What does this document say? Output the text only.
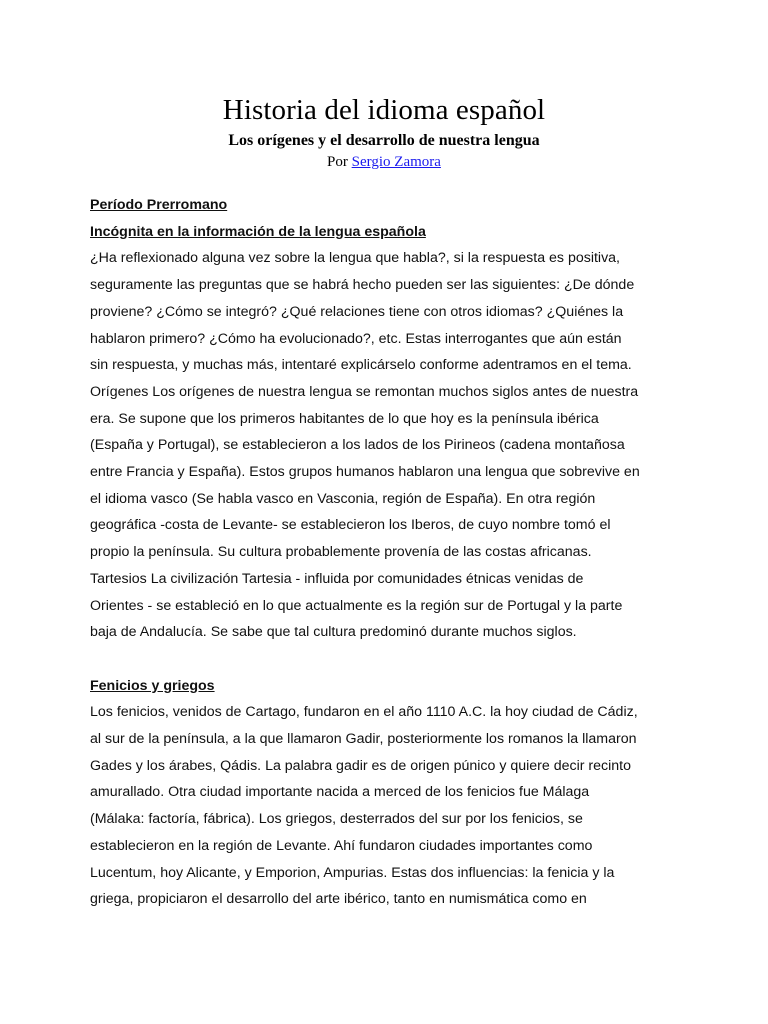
Historia del idioma español
Los orígenes y el desarrollo de nuestra lengua
Por Sergio Zamora
Período Prerromano
Incógnita en la información de la lengua española
¿Ha reflexionado alguna vez sobre la lengua que habla?, si la respuesta es positiva,
seguramente las preguntas que se habrá hecho pueden ser las siguientes: ¿De dónde
proviene? ¿Cómo se integró? ¿Qué relaciones tiene con otros idiomas? ¿Quiénes la
hablaron primero? ¿Cómo ha evolucionado?, etc. Estas interrogantes que aún están
sin respuesta, y muchas más, intentaré explicárselo conforme adentramos en el tema.
Orígenes Los orígenes de nuestra lengua se remontan muchos siglos antes de nuestra
era. Se supone que los primeros habitantes de lo que hoy es la península ibérica
(España y Portugal), se establecieron a los lados de los Pirineos (cadena montañosa
entre Francia y España). Estos grupos humanos hablaron una lengua que sobrevive en
el idioma vasco (Se habla vasco en Vasconia, región de España). En otra región
geográfica -costa de Levante- se establecieron los Iberos, de cuyo nombre tomó el
propio la península. Su cultura probablemente provenía de las costas africanas.
Tartesios La civilización Tartesia - influida por comunidades étnicas venidas de
Orientes - se estableció en lo que actualmente es la región sur de Portugal y la parte
baja de Andalucía. Se sabe que tal cultura predominó durante muchos siglos.
Fenicios y griegos
Los fenicios, venidos de Cartago, fundaron en el año 1110 A.C. la hoy ciudad de Cádiz,
al sur de la península, a la que llamaron Gadir, posteriormente los romanos la llamaron
Gades y los árabes, Qádis. La palabra gadir es de origen púnico y quiere decir recinto
amurallado. Otra ciudad importante nacida a merced de los fenicios fue Málaga
(Málaka: factoría, fábrica). Los griegos, desterrados del sur por los fenicios, se
establecieron en la región de Levante. Ahí fundaron ciudades importantes como
Lucentum, hoy Alicante, y Emporion, Ampurias. Estas dos influencias: la fenicia y la
griega, propiciaron el desarrollo del arte ibérico, tanto en numismática como en
